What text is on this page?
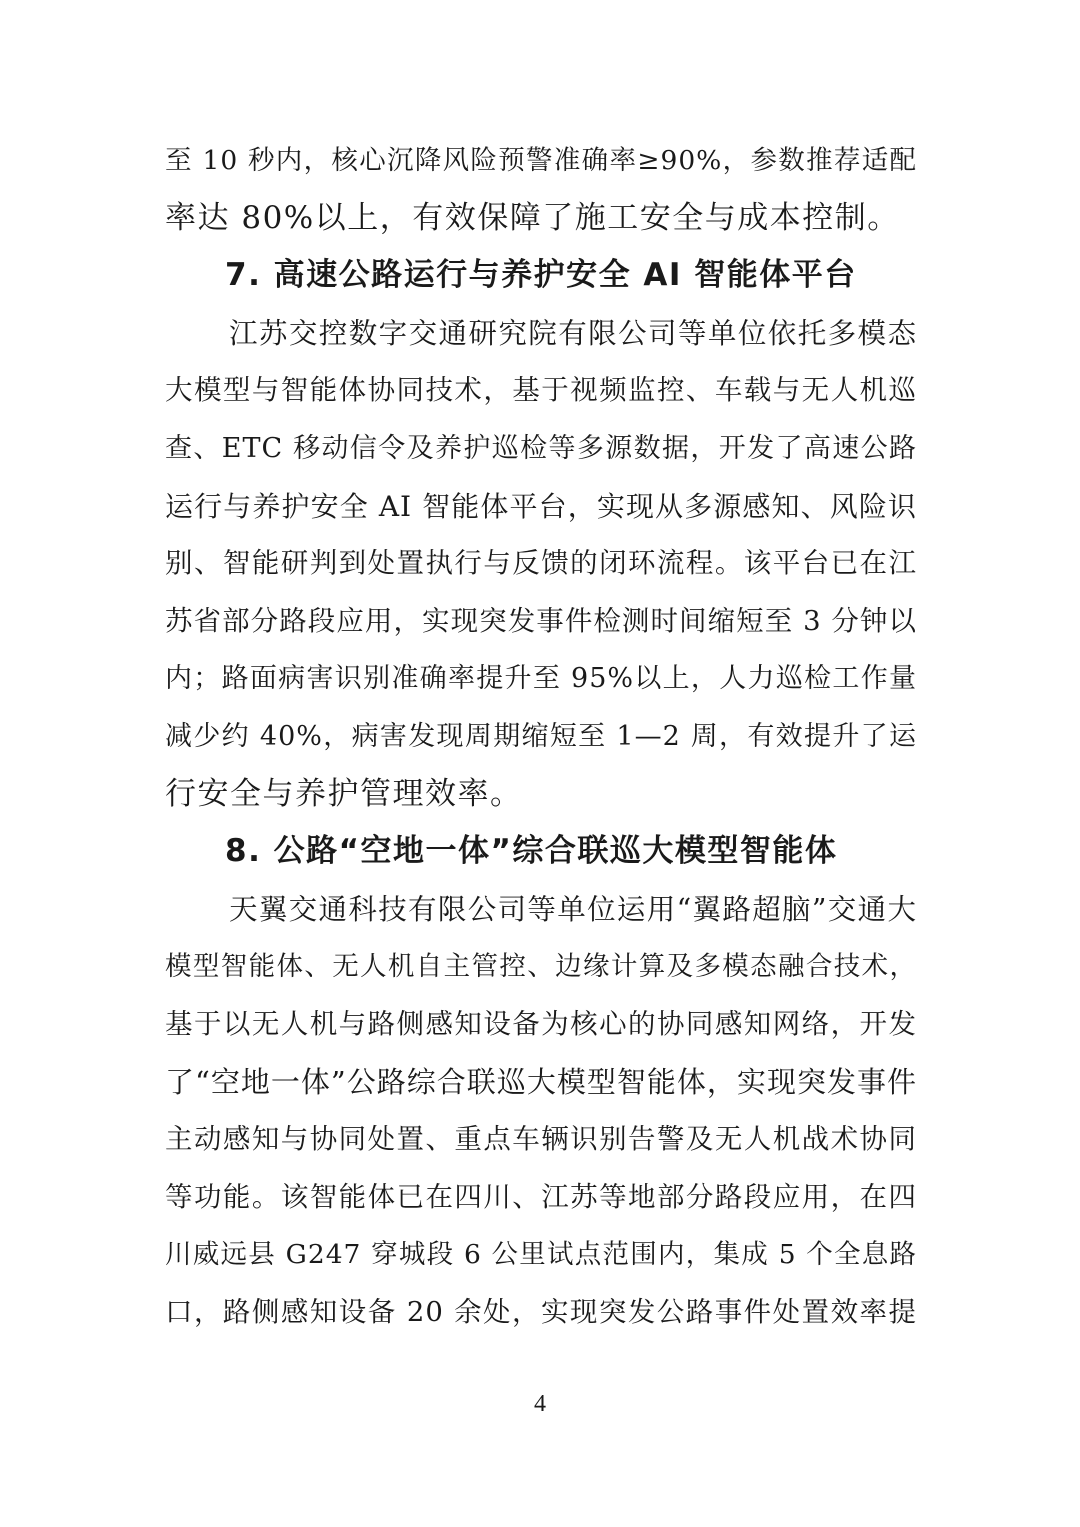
至 10 秒内，核心沉降风险预警准确率≥90%，参数推荐适配
率达 80%以上，有效保障了施工安全与成本控制。
7. 高速公路运行与养护安全 AI 智能体平台
江苏交控数字交通研究院有限公司等单位依托多模态
大模型与智能体协同技术，基于视频监控、车载与无人机巡
查、ETC 移动信令及养护巡检等多源数据，开发了高速公路
运行与养护安全 AI 智能体平台，实现从多源感知、风险识
别、智能研判到处置执行与反馈的闭环流程。该平台已在江
苏省部分路段应用，实现突发事件检测时间缩短至 3 分钟以
内；路面病害识别准确率提升至 95%以上，人力巡检工作量
减少约 40%，病害发现周期缩短至 1—2 周，有效提升了运
行安全与养护管理效率。
8. 公路“空地一体”综合联巡大模型智能体
天翼交通科技有限公司等单位运用“翼路超脑”交通大
模型智能体、无人机自主管控、边缘计算及多模态融合技术，
基于以无人机与路侧感知设备为核心的协同感知网络，开发
了“空地一体”公路综合联巡大模型智能体，实现突发事件
主动感知与协同处置、重点车辆识别告警及无人机战术协同
等功能。该智能体已在四川、江苏等地部分路段应用，在四
川威远县 G247 穿城段 6 公里试点范围内，集成 5 个全息路
口，路侧感知设备 20 余处，实现突发公路事件处置效率提
4
